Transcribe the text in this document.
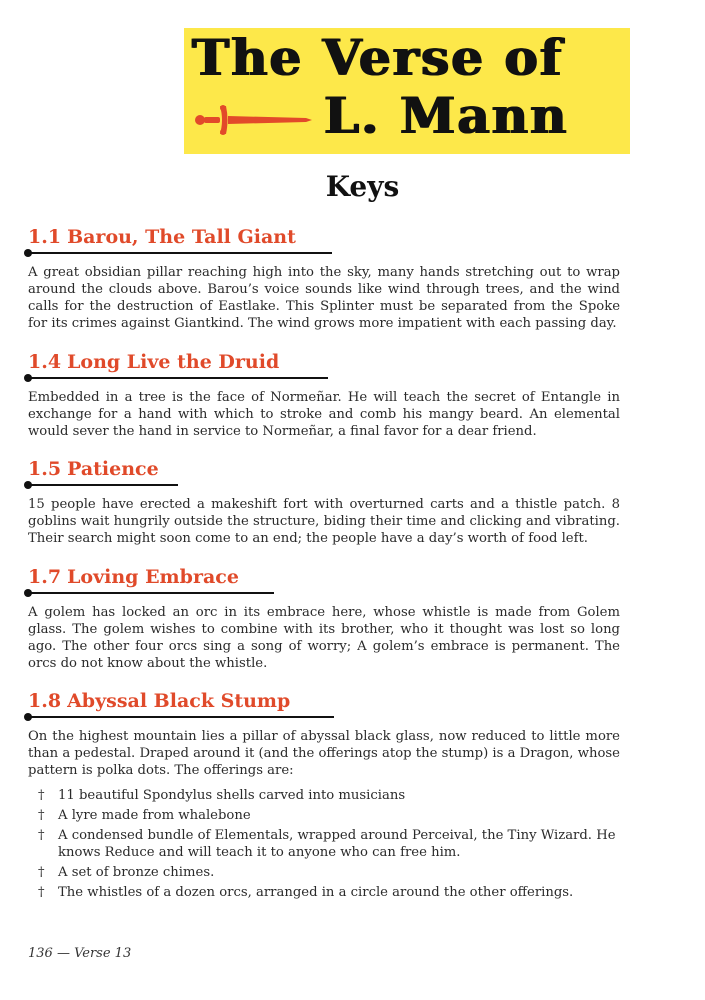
The Verse of
L. Mann
Keys
1.1 Barou, The Tall Giant
A great obsidian pillar reaching high into the sky, many hands stretching out to wrap around the clouds above. Barou’s voice sounds like wind through trees, and the wind calls for the destruction of Eastlake. This Splinter must be separated from the Spoke for its crimes against Giantkind. The wind grows more impatient with each passing day.
1.4 Long Live the Druid
Embedded in a tree is the face of Normeñar. He will teach the secret of Entangle in exchange for a hand with which to stroke and comb his mangy beard. An elemental would sever the hand in service to Normeñar, a final favor for a dear friend.
1.5 Patience
15 people have erected a makeshift fort with overturned carts and a thistle patch. 8 goblins wait hungrily outside the structure, biding their time and clicking and vibrating. Their search might soon come to an end; the people have a day’s worth of food left.
1.7 Loving Embrace
A golem has locked an orc in its embrace here, whose whistle is made from Golem glass. The golem wishes to combine with its brother, who it thought was lost so long ago. The other four orcs sing a song of worry; A golem’s embrace is permanent. The orcs do not know about the whistle.
1.8 Abyssal Black Stump
On the highest mountain lies a pillar of abyssal black glass, now reduced to little more than a pedestal. Draped around it (and the offerings atop the stump) is a Dragon, whose pattern is polka dots. The offerings are:
† 11 beautiful Spondylus shells carved into musicians
† A lyre made from whalebone
† A condensed bundle of Elementals, wrapped around Perceival, the Tiny Wizard. He knows Reduce and will teach it to anyone who can free him.
† A set of bronze chimes.
† The whistles of a dozen orcs, arranged in a circle around the other offerings.
136 — Verse 13
